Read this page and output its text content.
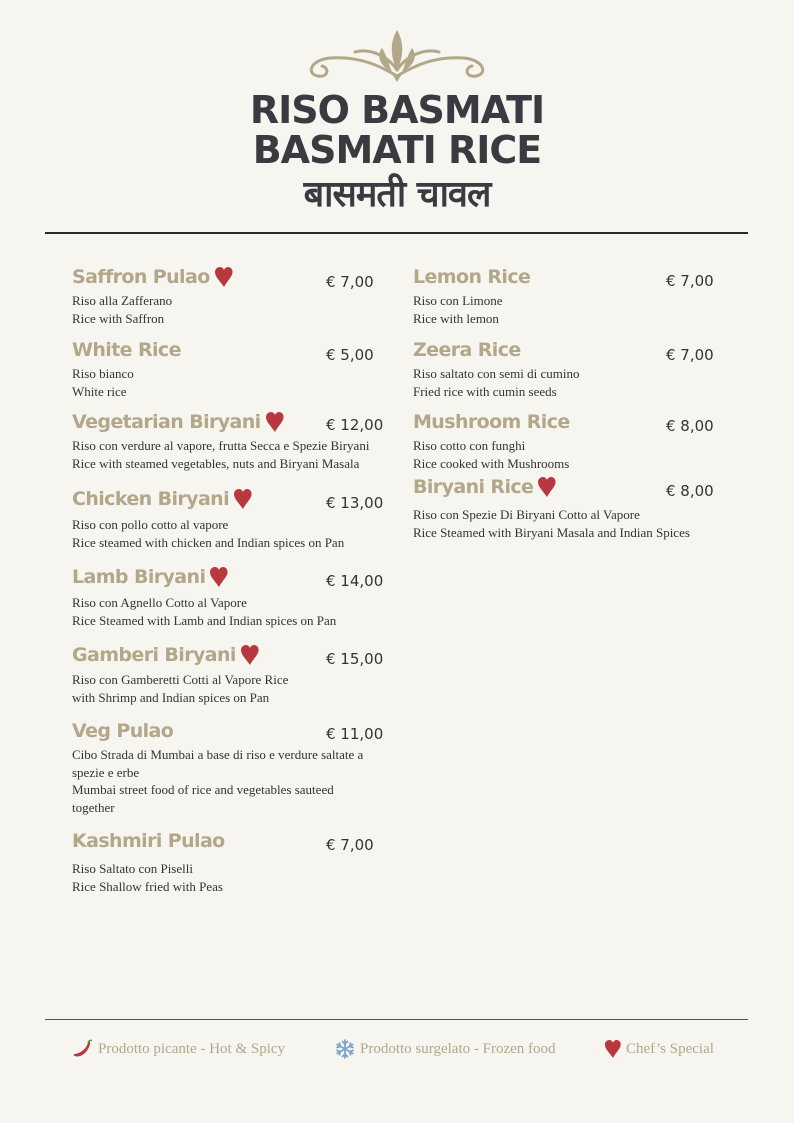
RISO BASMATI
BASMATI RICE
बासमती चावल
Saffron Pulao	€ 7,00
Riso alla Zafferano
Rice with Saffron
White Rice	€ 5,00
Riso bianco
White rice
Vegetarian Biryani	€ 12,00
Riso con verdure al vapore, frutta Secca e Spezie Biryani
Rice with steamed vegetables, nuts and Biryani Masala
Chicken Biryani	€ 13,00
Riso con pollo cotto al vapore
Rice steamed with chicken and Indian spices on Pan
Lamb Biryani	€ 14,00
Riso con Agnello Cotto al Vapore
Rice Steamed with Lamb and Indian spices on Pan
Gamberi Biryani	€ 15,00
Riso con Gamberetti Cotti al Vapore Rice
with Shrimp and Indian spices on Pan
Veg Pulao	€ 11,00
Cibo Strada di Mumbai a base di riso e verdure saltate a
spezie e erbe
Mumbai street food of rice and vegetables sauteed
together
Kashmiri Pulao	€ 7,00
Riso Saltato con Piselli
Rice Shallow fried with Peas
Lemon Rice	€ 7,00
Riso con Limone
Rice with lemon
Zeera Rice	€ 7,00
Riso saltato con semi di cumino
Fried rice with cumin seeds
Mushroom Rice	€ 8,00
Riso cotto con funghi
Rice cooked with Mushrooms
Biryani Rice	€ 8,00
Riso con Spezie Di Biryani Cotto al Vapore
Rice Steamed with Biryani Masala and Indian Spices
Prodotto picante - Hot & Spicy	Prodotto surgelato - Frozen food	Chef’s Special
